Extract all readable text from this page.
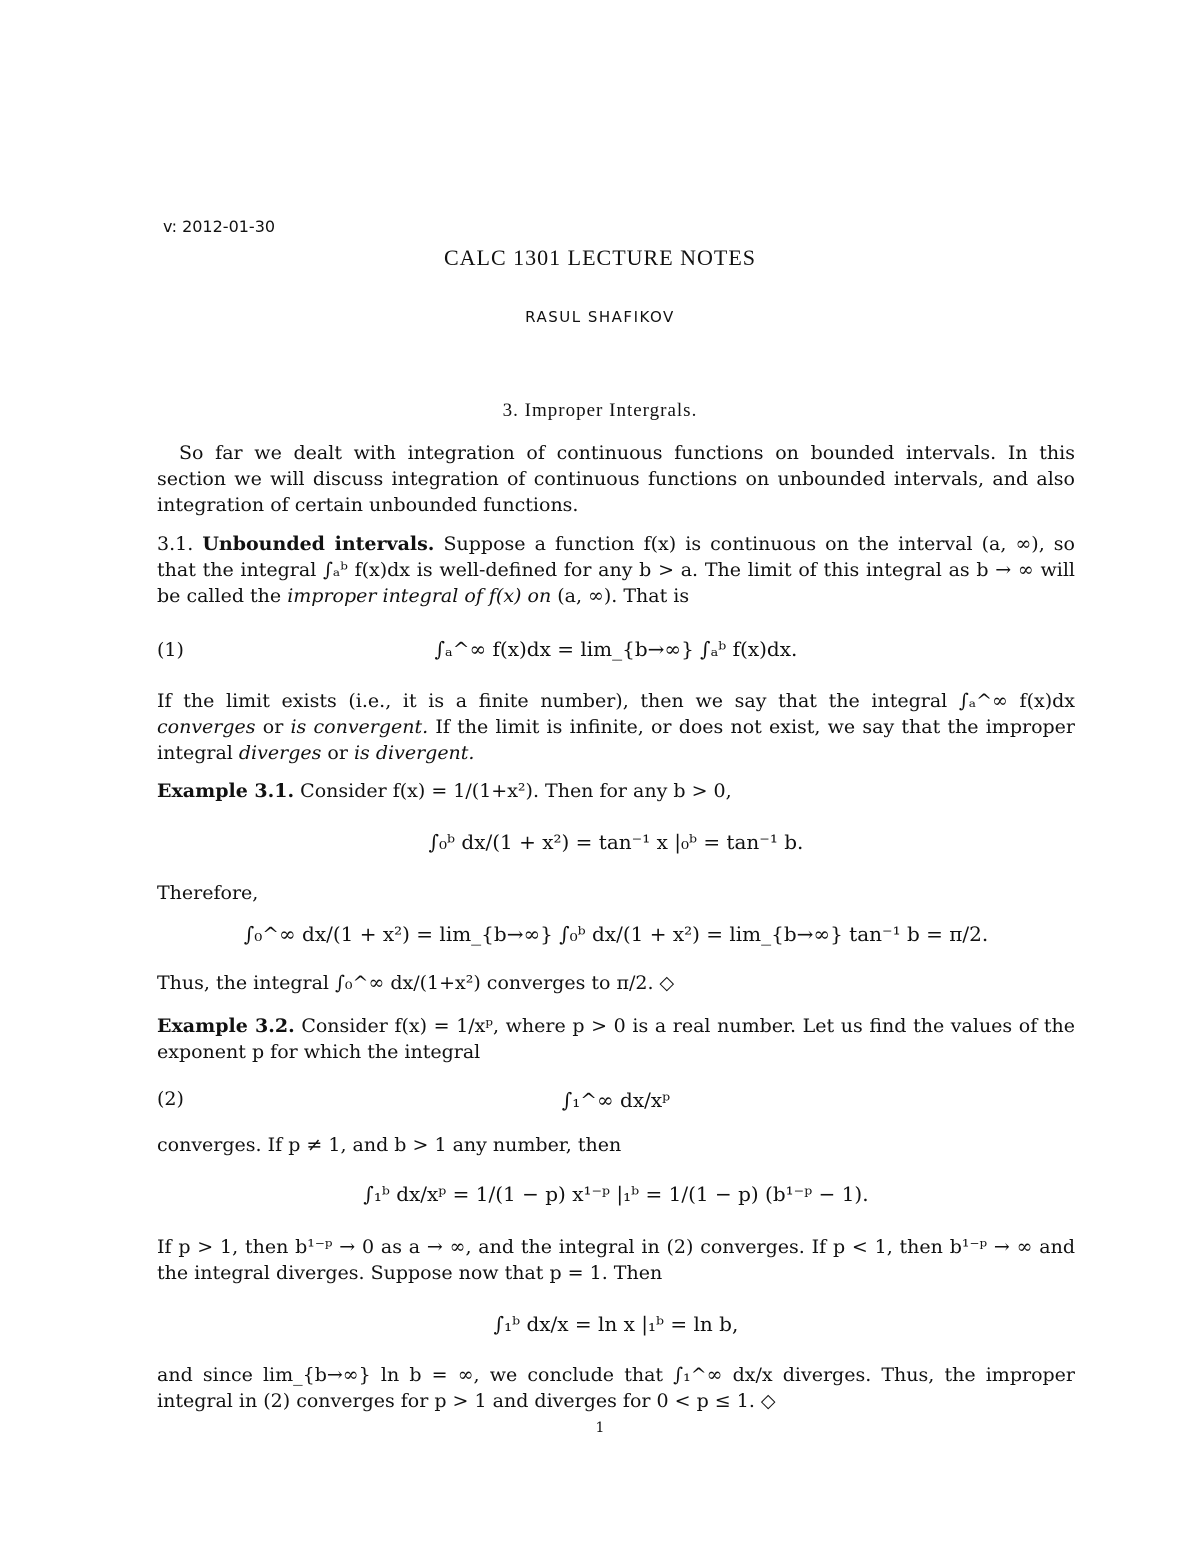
v: 2012-01-30
CALC 1301 LECTURE NOTES
RASUL SHAFIKOV
3. Improper Intergrals.
So far we dealt with integration of continuous functions on bounded intervals. In this section we will discuss integration of continuous functions on unbounded intervals, and also integration of certain unbounded functions.
3.1. Unbounded intervals. Suppose a function f(x) is continuous on the interval (a, ∞), so that the integral ∫ₐᵇ f(x)dx is well-defined for any b > a. The limit of this integral as b → ∞ will be called the improper integral of f(x) on (a, ∞). That is
(1)	∫ₐ^∞ f(x)dx = lim_{b→∞} ∫ₐᵇ f(x)dx.
If the limit exists (i.e., it is a finite number), then we say that the integral ∫ₐ^∞ f(x)dx converges or is convergent. If the limit is infinite, or does not exist, we say that the improper integral diverges or is divergent.
Example 3.1. Consider f(x) = 1/(1+x²). Then for any b > 0,
∫₀ᵇ dx/(1 + x²) = tan⁻¹ x |₀ᵇ = tan⁻¹ b.
Therefore,
∫₀^∞ dx/(1 + x²) = lim_{b→∞} ∫₀ᵇ dx/(1 + x²) = lim_{b→∞} tan⁻¹ b = π/2.
Thus, the integral ∫₀^∞ dx/(1+x²) converges to π/2. ◇
Example 3.2. Consider f(x) = 1/xᵖ, where p > 0 is a real number. Let us find the values of the exponent p for which the integral
(2)	∫₁^∞ dx/xᵖ
converges. If p ≠ 1, and b > 1 any number, then
∫₁ᵇ dx/xᵖ = 1/(1 − p) x¹⁻ᵖ |₁ᵇ = 1/(1 − p) (b¹⁻ᵖ − 1).
If p > 1, then b¹⁻ᵖ → 0 as a → ∞, and the integral in (2) converges. If p < 1, then b¹⁻ᵖ → ∞ and the integral diverges. Suppose now that p = 1. Then
∫₁ᵇ dx/x = ln x |₁ᵇ = ln b,
and since lim_{b→∞} ln b = ∞, we conclude that ∫₁^∞ dx/x diverges. Thus, the improper integral in (2) converges for p > 1 and diverges for 0 < p ≤ 1. ◇
1
